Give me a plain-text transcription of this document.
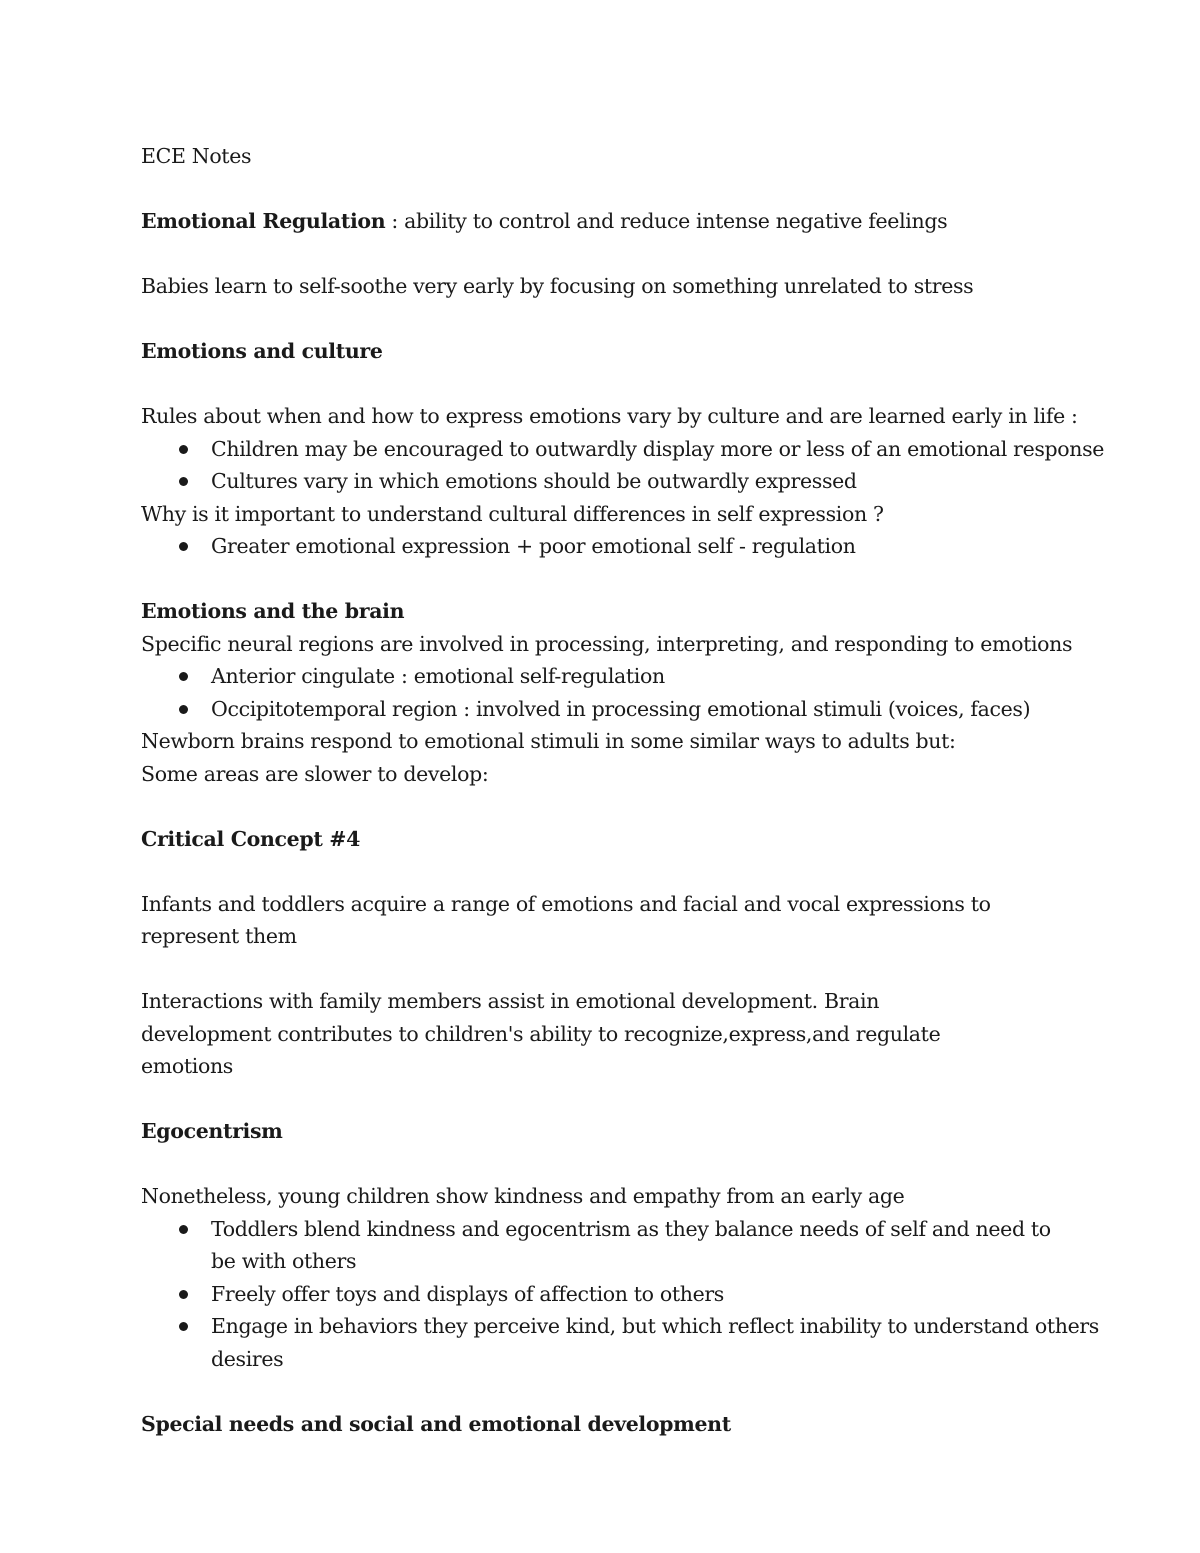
ECE Notes

Emotional Regulation : ability to control and reduce intense negative feelings

Babies learn to self-soothe very early by focusing on something unrelated to stress

Emotions and culture

Rules about when and how to express emotions vary by culture and are learned early in life :

Children may be encouraged to outwardly display more or less of an emotional response
Cultures vary in which emotions should be outwardly expressed

Why is it important to understand cultural differences in self expression ?

Greater emotional expression + poor emotional self - regulation

Emotions and the brain

Specific neural regions are involved in processing, interpreting, and responding to emotions

Anterior cingulate : emotional self-regulation
Occipitotemporal region : involved in processing emotional stimuli (voices, faces)

Newborn brains respond to emotional stimuli in some similar ways to adults but:

Some areas are slower to develop:

Critical Concept #4

Infants and toddlers acquire a range of emotions and facial and vocal expressions to represent them

Interactions with family members assist in emotional development. Brain development contributes to children's ability to recognize,express,and regulate emotions

Egocentrism

Nonetheless, young children show kindness and empathy from an early age

Toddlers blend kindness and egocentrism as they balance needs of self and need to be with others
Freely offer toys and displays of affection to others
Engage in behaviors they perceive kind, but which reflect inability to understand others desires

Special needs and social and emotional development
